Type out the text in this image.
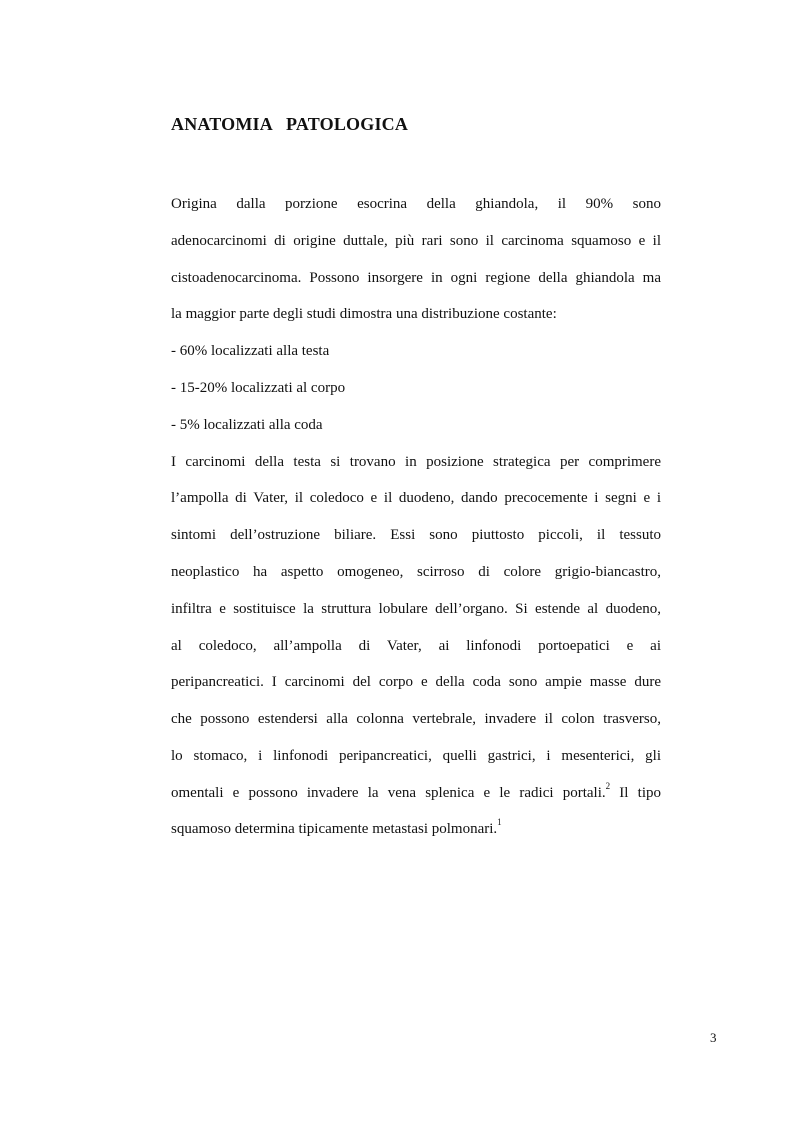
ANATOMIA   PATOLOGICA
Origina dalla porzione esocrina della ghiandola, il 90% sono
adenocarcinomi di origine duttale, più rari sono il carcinoma squamoso e il
cistoadenocarcinoma. Possono insorgere in ogni regione della ghiandola ma
la maggior parte degli studi dimostra una distribuzione costante:
- 60% localizzati alla testa
- 15-20% localizzati al corpo
- 5% localizzati alla coda
I carcinomi della testa si trovano in posizione strategica per comprimere
l’ampolla di Vater, il coledoco e il duodeno, dando precocemente i segni e i
sintomi dell’ostruzione biliare. Essi sono piuttosto piccoli, il tessuto
neoplastico ha aspetto omogeneo, scirroso di colore grigio-biancastro,
infiltra e sostituisce la struttura lobulare dell’organo. Si estende al duodeno,
al coledoco, all’ampolla di Vater, ai linfonodi portoepatici e ai
peripancreatici. I carcinomi del corpo e della coda sono ampie masse dure
che possono estendersi alla colonna vertebrale, invadere il colon trasverso,
lo stomaco, i linfonodi peripancreatici, quelli gastrici, i mesenterici, gli
omentali e possono invadere la vena splenica e le radici portali.$^2$ Il tipo
squamoso determina tipicamente metastasi polmonari.$^1$
3
